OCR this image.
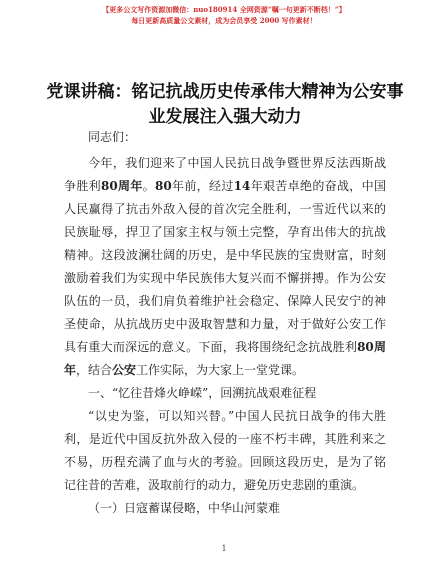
【更多公文写作资源加微信：nuo180914 全网资源“嘱一句更新不断档！”】
每日更新高质量公文素材，成为会员享受 2000 写作素材！
党课讲稿：铭记抗战历史传承伟大精神为公安事业发展注入强大动力

同志们：

今年，我们迎来了中国人民抗日战争暨世界反法西斯战争胜利80周年。80年前，经过14年艰苦卓绝的奋战，中国人民赢得了抗击外敌入侵的首次完全胜利，一雪近代以来的民族耻辱，捍卫了国家主权与领土完整，孕育出伟大的抗战精神。这段波澜壮阔的历史，是中华民族的宝贵财富，时刻激励着我们为实现中华民族伟大复兴而不懈拼搏。作为公安队伍的一员，我们肩负着维护社会稳定、保障人民安宁的神圣使命，从抗战历史中汲取智慧和力量，对于做好公安工作具有重大而深远的意义。下面，我将围绕纪念抗战胜利80周年，结合公安工作实际，为大家上一堂党课。

一、“忆往昔烽火峥嵘”，回溯抗战艰难征程

“以史为鉴，可以知兴替。”中国人民抗日战争的伟大胜利，是近代中国反抗外敌入侵的一座不朽丰碑，其胜利来之不易，历程充满了血与火的考验。回顾这段历史，是为了铭记往昔的苦难，汲取前行的动力，避免历史悲剧的重演。

（一）日寇蓄谋侵略，中华山河蒙难

1
